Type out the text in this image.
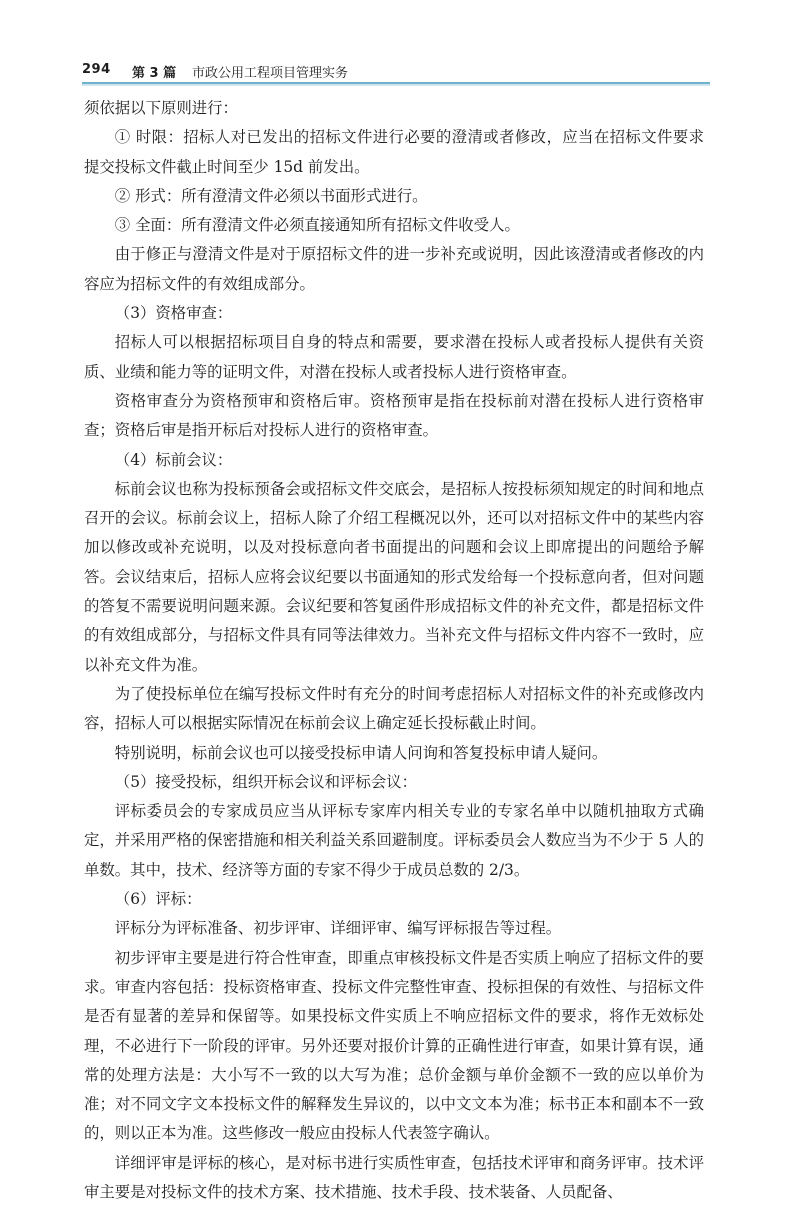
294 第 3 篇 市政公用工程项目管理实务

须依据以下原则进行：

① 时限：招标人对已发出的招标文件进行必要的澄清或者修改，应当在招标文件要求提交投标文件截止时间至少 15d 前发出。

② 形式：所有澄清文件必须以书面形式进行。

③ 全面：所有澄清文件必须直接通知所有招标文件收受人。

由于修正与澄清文件是对于原招标文件的进一步补充或说明，因此该澄清或者修改的内容应为招标文件的有效组成部分。

（3）资格审查：

招标人可以根据招标项目自身的特点和需要，要求潜在投标人或者投标人提供有关资质、业绩和能力等的证明文件，对潜在投标人或者投标人进行资格审查。

资格审查分为资格预审和资格后审。资格预审是指在投标前对潜在投标人进行资格审查；资格后审是指开标后对投标人进行的资格审查。

（4）标前会议：

标前会议也称为投标预备会或招标文件交底会，是招标人按投标须知规定的时间和地点召开的会议。标前会议上，招标人除了介绍工程概况以外，还可以对招标文件中的某些内容加以修改或补充说明，以及对投标意向者书面提出的问题和会议上即席提出的问题给予解答。会议结束后，招标人应将会议纪要以书面通知的形式发给每一个投标意向者，但对问题的答复不需要说明问题来源。会议纪要和答复函件形成招标文件的补充文件，都是招标文件的有效组成部分，与招标文件具有同等法律效力。当补充文件与招标文件内容不一致时，应以补充文件为准。

为了使投标单位在编写投标文件时有充分的时间考虑招标人对招标文件的补充或修改内容，招标人可以根据实际情况在标前会议上确定延长投标截止时间。

特别说明，标前会议也可以接受投标申请人问询和答复投标申请人疑问。

（5）接受投标，组织开标会议和评标会议：

评标委员会的专家成员应当从评标专家库内相关专业的专家名单中以随机抽取方式确定，并采用严格的保密措施和相关利益关系回避制度。评标委员会人数应当为不少于 5 人的单数。其中，技术、经济等方面的专家不得少于成员总数的 2/3。

（6）评标：

评标分为评标准备、初步评审、详细评审、编写评标报告等过程。

初步评审主要是进行符合性审查，即重点审核投标文件是否实质上响应了招标文件的要求。审查内容包括：投标资格审查、投标文件完整性审查、投标担保的有效性、与招标文件是否有显著的差异和保留等。如果投标文件实质上不响应招标文件的要求，将作无效标处理，不必进行下一阶段的评审。另外还要对报价计算的正确性进行审查，如果计算有误，通常的处理方法是：大小写不一致的以大写为准；总价金额与单价金额不一致的应以单价为准；对不同文字文本投标文件的解释发生异议的，以中文文本为准；标书正本和副本不一致的，则以正本为准。这些修改一般应由投标人代表签字确认。

详细评审是评标的核心，是对标书进行实质性审查，包括技术评审和商务评审。技术评审主要是对投标文件的技术方案、技术措施、技术手段、技术装备、人员配备、
